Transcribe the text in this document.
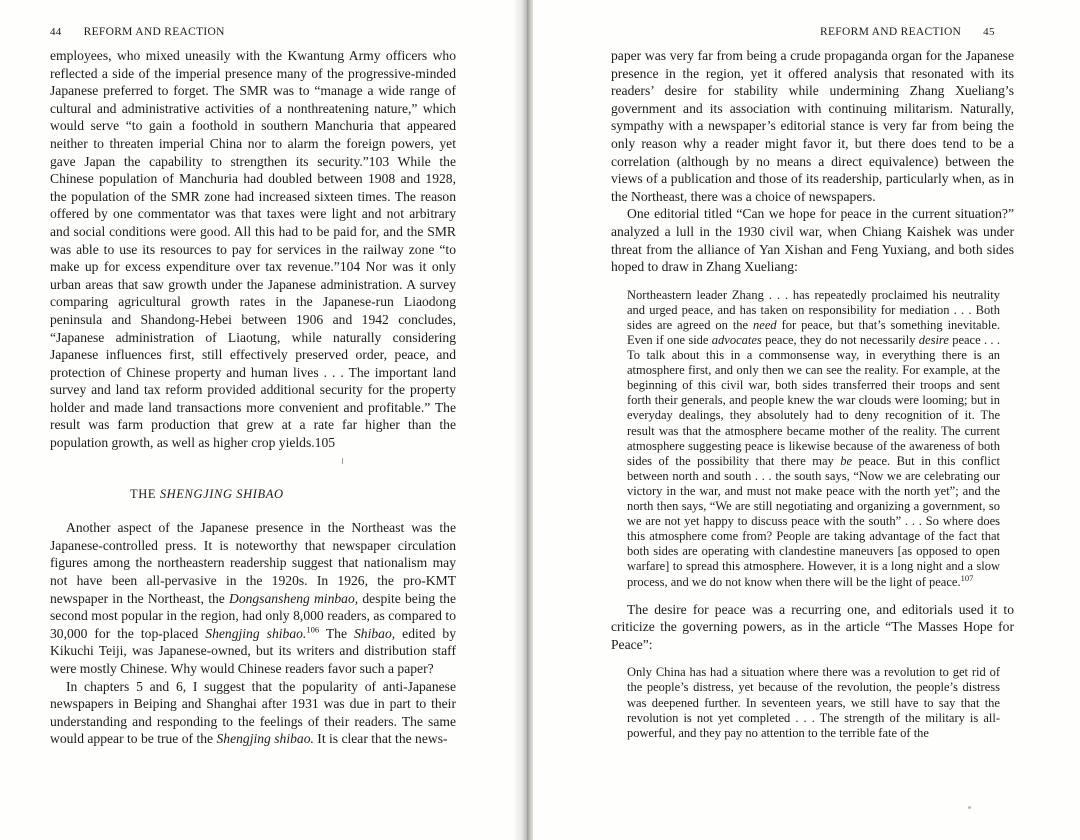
44 REFORM AND REACTION

employees, who mixed uneasily with the Kwantung Army officers who reflected a side of the imperial presence many of the progressive-minded Japanese preferred to forget. The SMR was to “manage a wide range of cultural and administrative activities of a nonthreatening nature,” which would serve “to gain a foothold in southern Manchuria that appeared neither to threaten imperial China nor to alarm the foreign powers, yet gave Japan the capability to strengthen its security.”103 While the Chinese population of Manchuria had doubled between 1908 and 1928, the population of the SMR zone had increased sixteen times. The reason offered by one commentator was that taxes were light and not arbitrary and social conditions were good. All this had to be paid for, and the SMR was able to use its resources to pay for services in the railway zone “to make up for excess expenditure over tax revenue.”104 Nor was it only urban areas that saw growth under the Japanese administration. A survey comparing agricultural growth rates in the Japanese-run Liaodong peninsula and Shandong-Hebei between 1906 and 1942 concludes, “Japanese administration of Liaotung, while naturally considering Japanese influences first, still effectively preserved order, peace, and protection of Chinese property and human lives . . . The important land survey and land tax reform provided additional security for the property holder and made land transactions more convenient and profitable.” The result was farm production that grew at a rate far higher than the population growth, as well as higher crop yields.105

THE SHENGJING SHIBAO

Another aspect of the Japanese presence in the Northeast was the Japanese-controlled press. It is noteworthy that newspaper circulation figures among the northeastern readership suggest that nationalism may not have been all-pervasive in the 1920s. In 1926, the pro-KMT newspaper in the Northeast, the Dongsansheng minbao, despite being the second most popular in the region, had only 8,000 readers, as compared to 30,000 for the top-placed Shengjing shibao.$^{106}$ The Shibao, edited by Kikuchi Teiji, was Japanese-owned, but its writers and distribution staff were mostly Chinese. Why would Chinese readers favor such a paper?

In chapters 5 and 6, I suggest that the popularity of anti-Japanese newspapers in Beiping and Shanghai after 1931 was due in part to their understanding and responding to the feelings of their readers. The same would appear to be true of the Shengjing shibao. It is clear that the news-

REFORM AND REACTION 45

paper was very far from being a crude propaganda organ for the Japanese presence in the region, yet it offered analysis that resonated with its readers’ desire for stability while undermining Zhang Xueliang’s government and its association with continuing militarism. Naturally, sympathy with a newspaper’s editorial stance is very far from being the only reason why a reader might favor it, but there does tend to be a correlation (although by no means a direct equivalence) between the views of a publication and those of its readership, particularly when, as in the Northeast, there was a choice of newspapers.

One editorial titled “Can we hope for peace in the current situation?” analyzed a lull in the 1930 civil war, when Chiang Kaishek was under threat from the alliance of Yan Xishan and Feng Yuxiang, and both sides hoped to draw in Zhang Xueliang:

Northeastern leader Zhang . . . has repeatedly proclaimed his neutrality and urged peace, and has taken on responsibility for mediation . . . Both sides are agreed on the need for peace, but that’s something inevitable. Even if one side advocates peace, they do not necessarily desire peace . . . To talk about this in a commonsense way, in everything there is an atmosphere first, and only then we can see the reality. For example, at the beginning of this civil war, both sides transferred their troops and sent forth their generals, and people knew the war clouds were looming; but in everyday dealings, they absolutely had to deny recognition of it. The result was that the atmosphere became mother of the reality. The current atmosphere suggesting peace is likewise because of the awareness of both sides of the possibility that there may be peace. But in this conflict between north and south . . . the south says, “Now we are celebrating our victory in the war, and must not make peace with the north yet”; and the north then says, “We are still negotiating and organizing a government, so we are not yet happy to discuss peace with the south” . . . So where does this atmosphere come from? People are taking advantage of the fact that both sides are operating with clandestine maneuvers [as opposed to open warfare] to spread this atmosphere. However, it is a long night and a slow process, and we do not know when there will be the light of peace.$^{107}$

The desire for peace was a recurring one, and editorials used it to criticize the governing powers, as in the article “The Masses Hope for Peace”:

Only China has had a situation where there was a revolution to get rid of the people’s distress, yet because of the revolution, the people’s distress was deepened further. In seventeen years, we still have to say that the revolution is not yet completed . . . The strength of the military is all-powerful, and they pay no attention to the terrible fate of the
